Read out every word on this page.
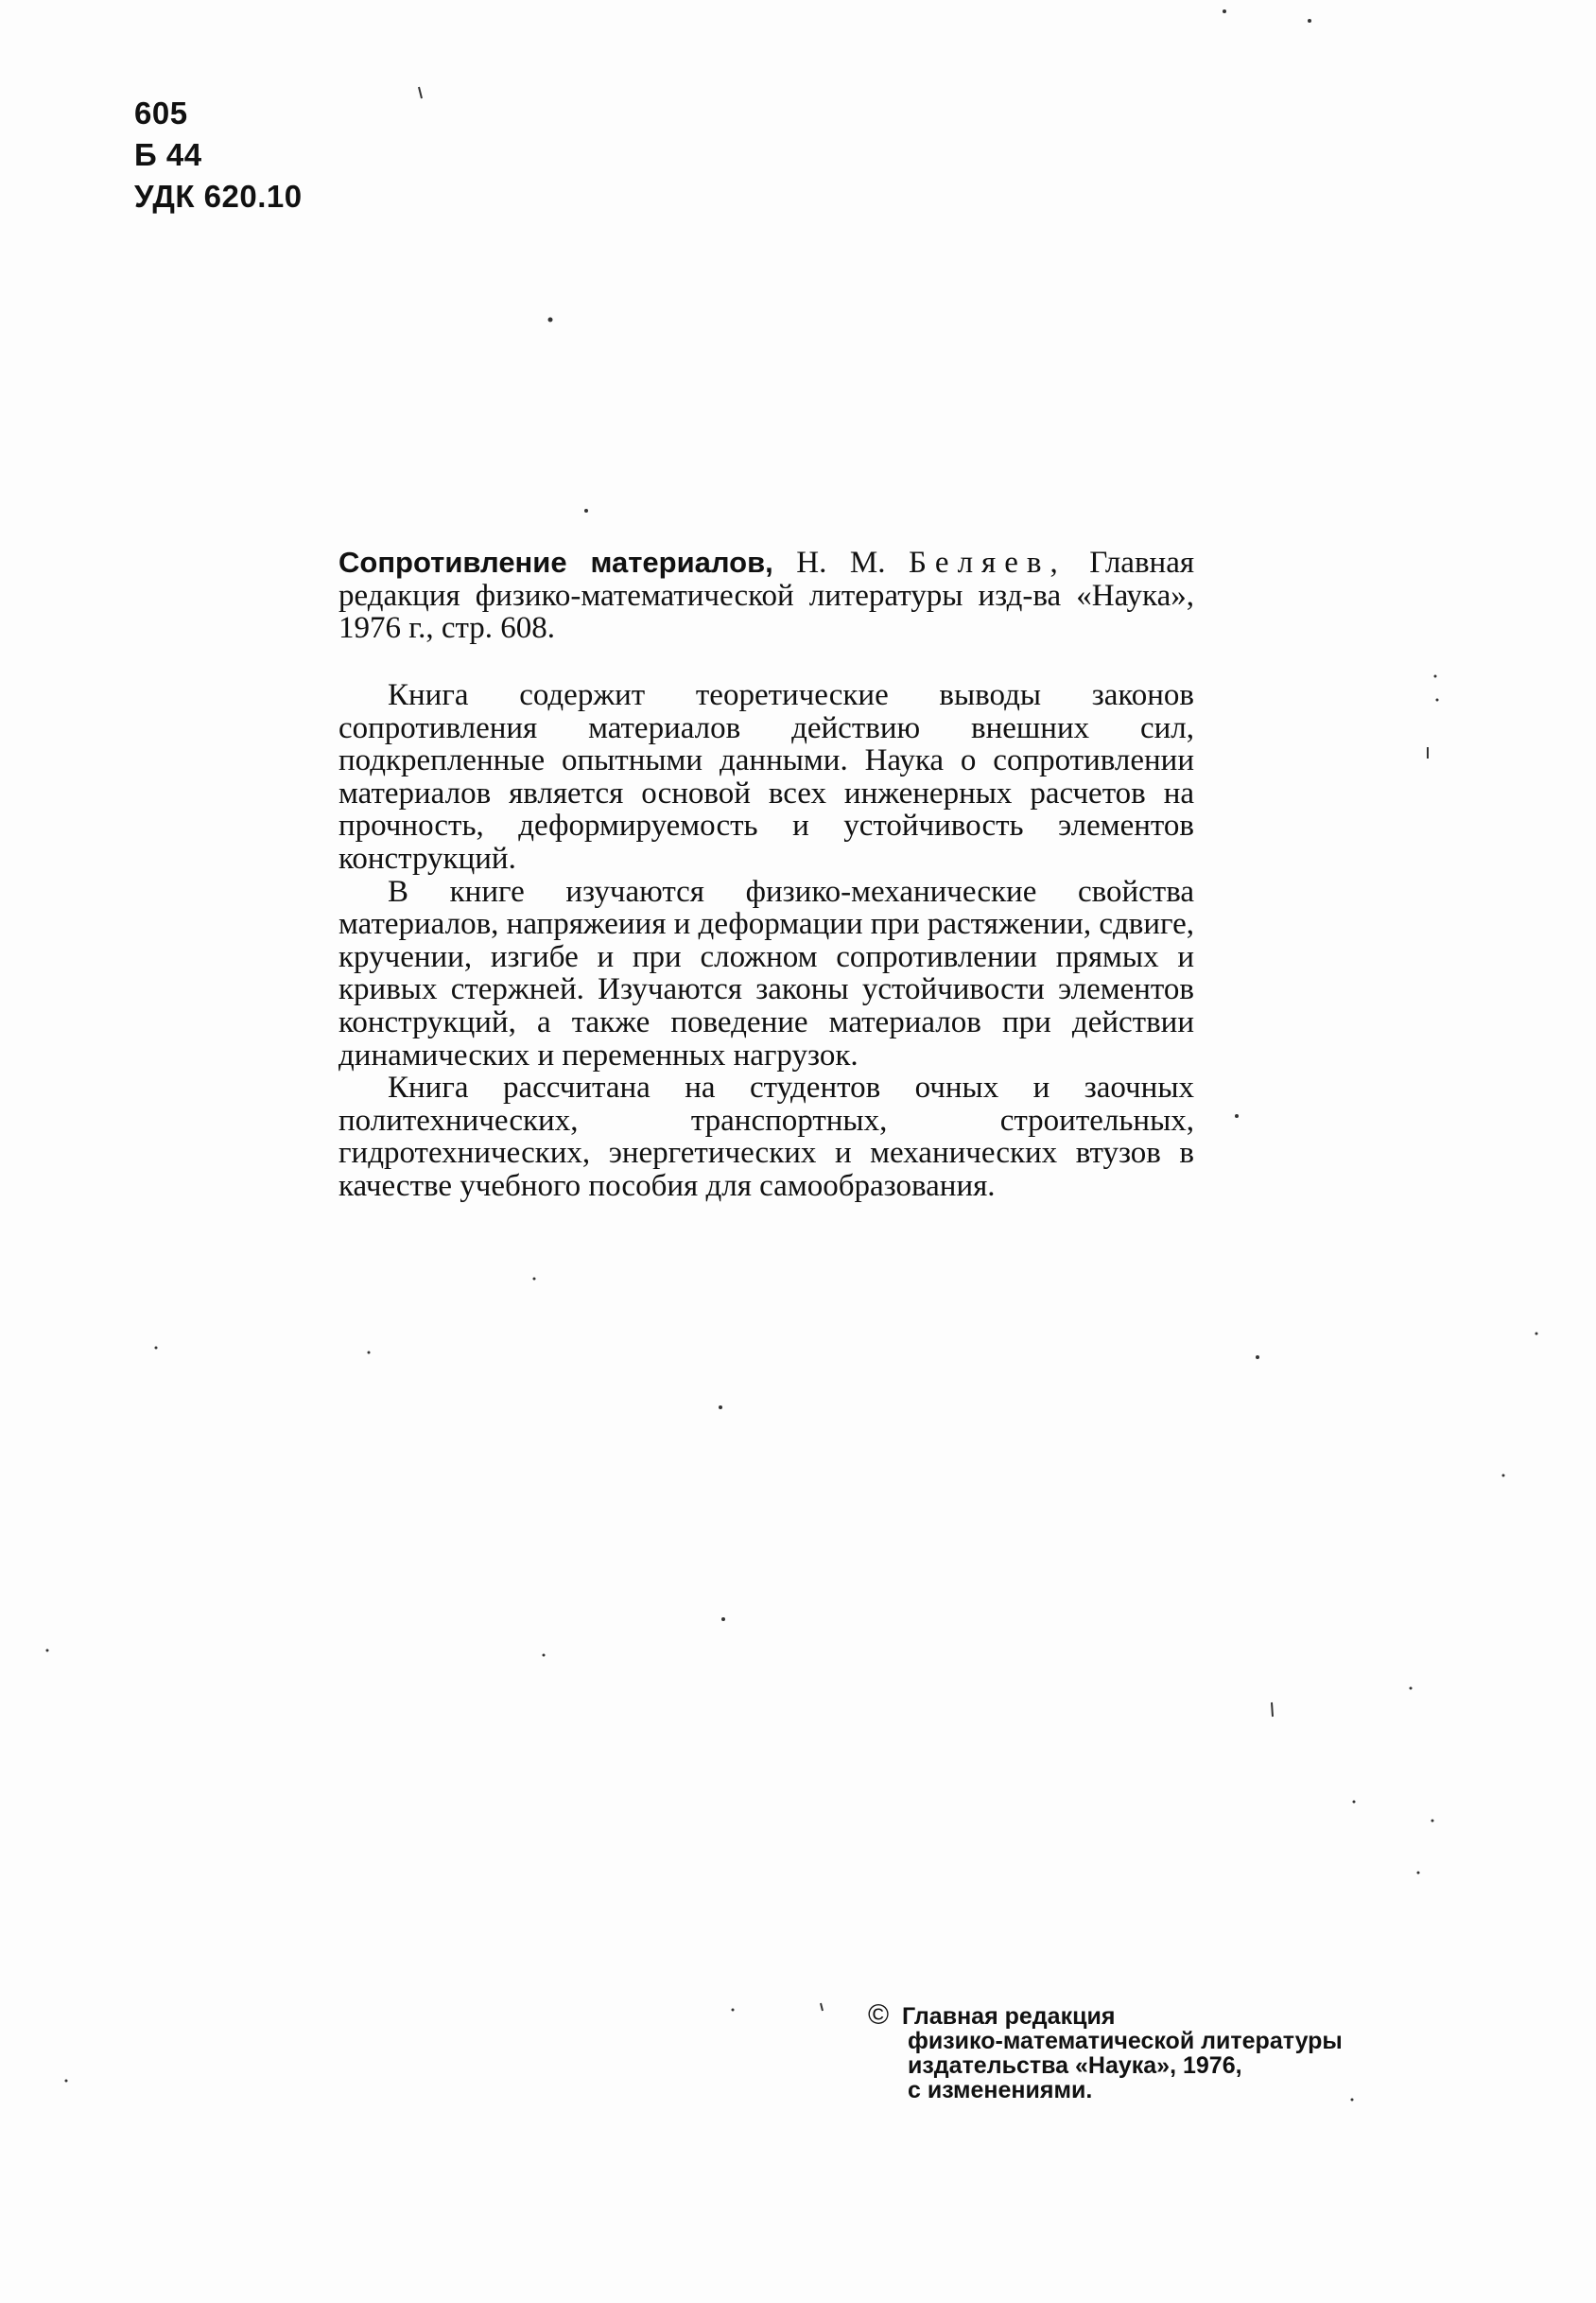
605
Б 44
УДК 620.10
Сопротивление материалов, Н. М. Беляев, Главная редакция физико-математической литературы изд-ва «Наука», 1976 г., стр. 608.

Книга содержит теоретические выводы законов сопротивления материалов действию внешних сил, подкрепленные опытными данными. Наука о сопротивлении материалов является основой всех инженерных расчетов на прочность, деформируемость и устойчивость элементов конструкций.

В книге изучаются физико-механические свойства материалов, напряжеиия и деформации при растяжении, сдвиге, кручении, изгибе и при сложном сопротивлении прямых и кривых стержней. Изучаются законы устойчивости элементов конструкций, а также поведение материалов при действии динамических и переменных нагрузок.

Книга рассчитана на студентов очных и заочных политехнических, транспортных, строительных, гидротехнических, энергетических и механических втузов в качестве учебного пособия для самообразования.

© Главная редакция
физико-математической литературы
издательства «Наука», 1976,
с изменениями.
